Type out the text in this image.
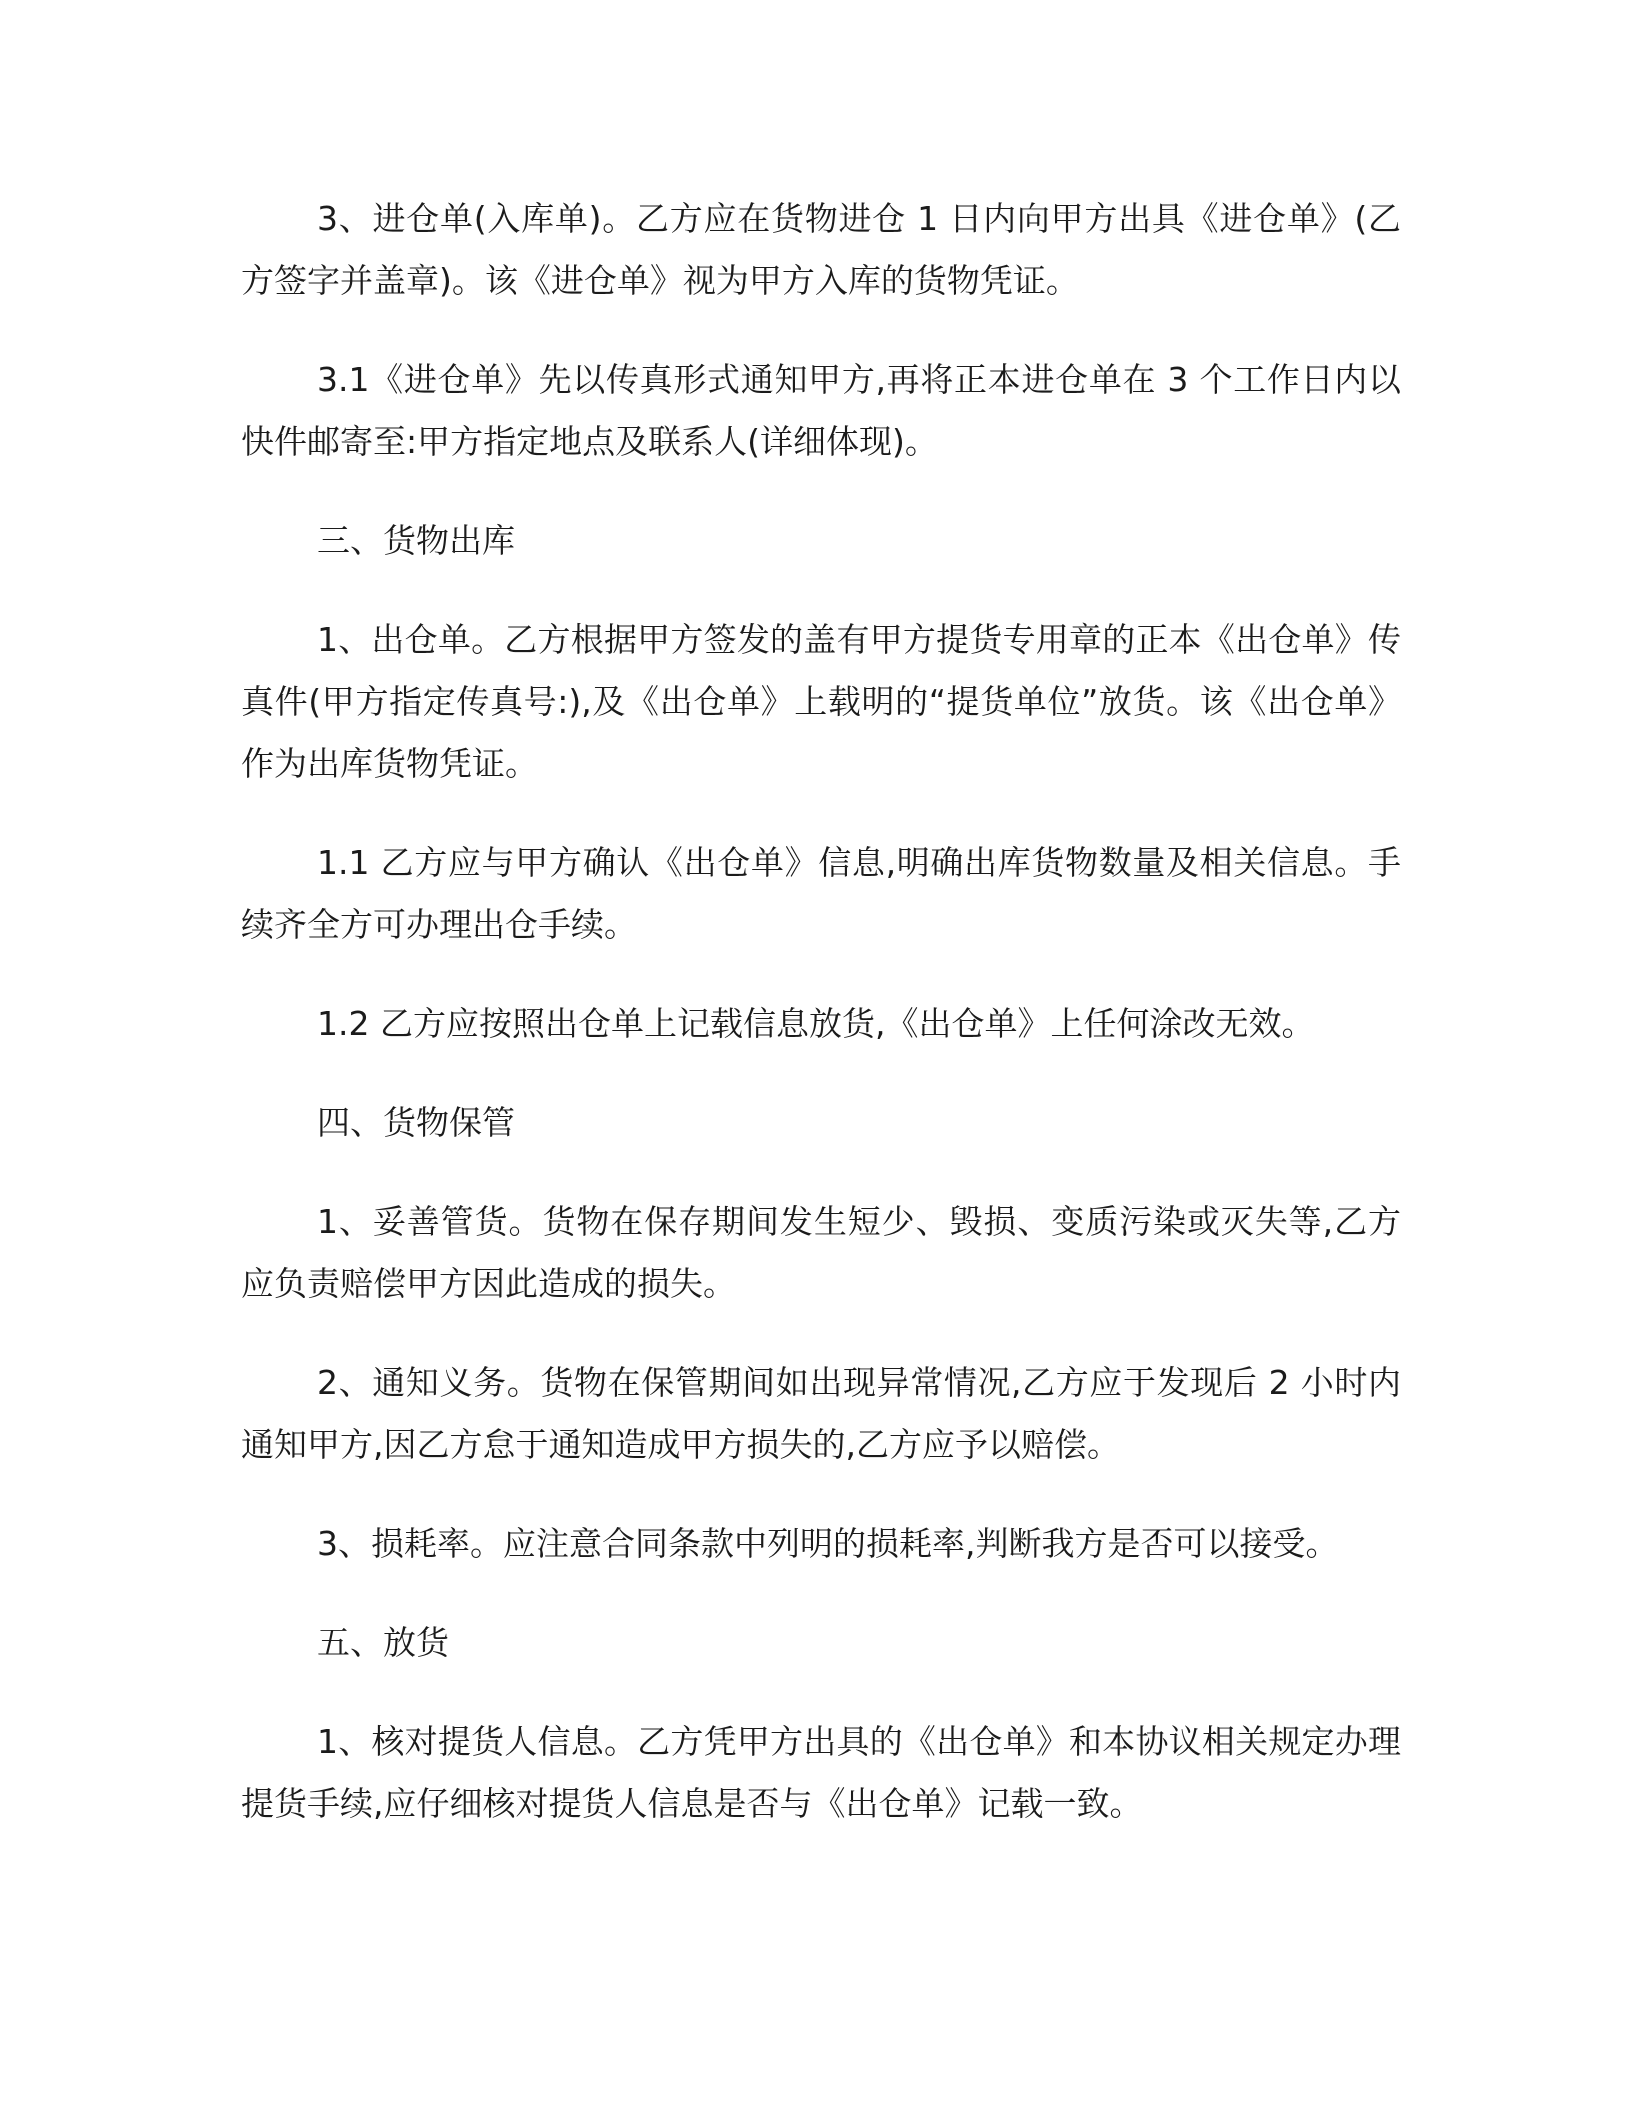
3、进仓单(入库单)。乙方应在货物进仓 1 日内向甲方出具《进仓单》(乙方签字并盖章)。该《进仓单》视为甲方入库的货物凭证。

3.1《进仓单》先以传真形式通知甲方,再将正本进仓单在 3 个工作日内以快件邮寄至:甲方指定地点及联系人(详细体现)。

三、货物出库

1、出仓单。乙方根据甲方签发的盖有甲方提货专用章的正本《出仓单》传真件(甲方指定传真号:),及《出仓单》上载明的“提货单位”放货。该《出仓单》作为出库货物凭证。

1.1 乙方应与甲方确认《出仓单》信息,明确出库货物数量及相关信息。手续齐全方可办理出仓手续。

1.2 乙方应按照出仓单上记载信息放货,《出仓单》上任何涂改无效。

四、货物保管

1、妥善管货。货物在保存期间发生短少、毁损、变质污染或灭失等,乙方应负责赔偿甲方因此造成的损失。

2、通知义务。货物在保管期间如出现异常情况,乙方应于发现后 2 小时内通知甲方,因乙方怠于通知造成甲方损失的,乙方应予以赔偿。

3、损耗率。应注意合同条款中列明的损耗率,判断我方是否可以接受。

五、放货

1、核对提货人信息。乙方凭甲方出具的《出仓单》和本协议相关规定办理提货手续,应仔细核对提货人信息是否与《出仓单》记载一致。
